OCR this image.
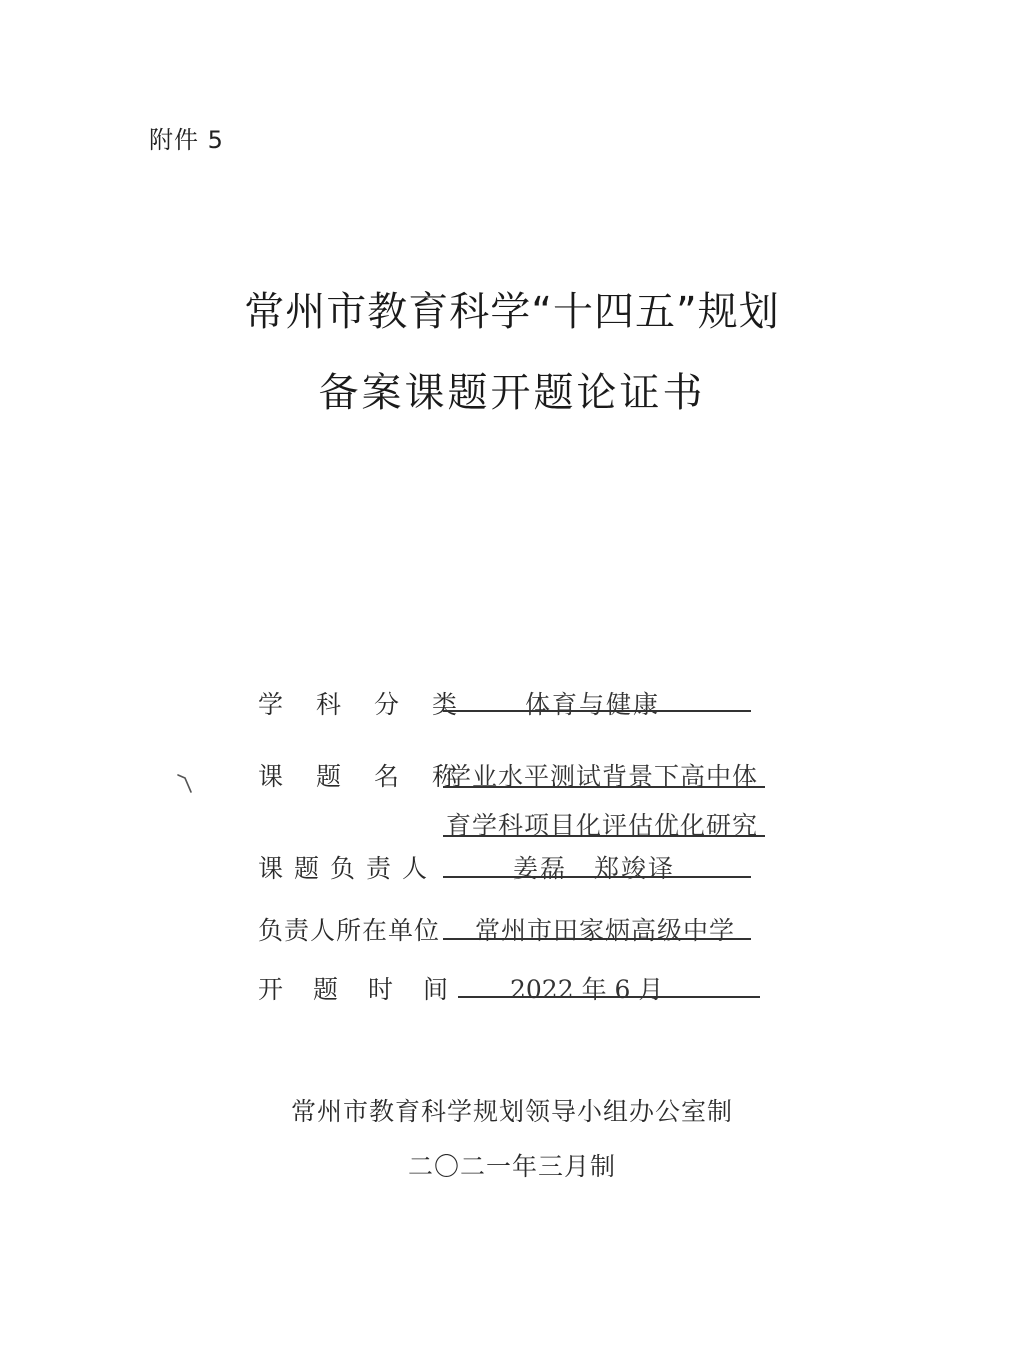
附件 5
常州市教育科学“十四五”规划
备案课题开题论证书
学科分类 体育与健康
课题名称
学业水平测试背景下高中体
育学科项目化评估优化研究
课题负责人	姜磊　郑竣译
负责人所在单位 常州市田家炳高级中学
开题时间 2022 年 6 月
常州市教育科学规划领导小组办公室制
二〇二一年三月制
